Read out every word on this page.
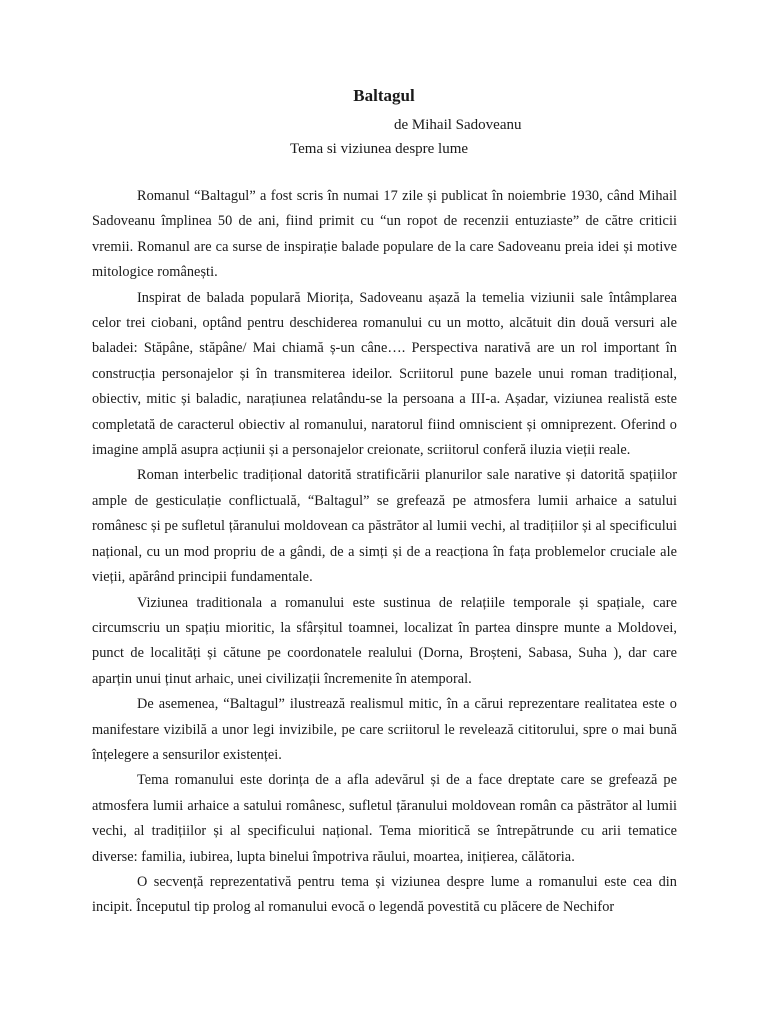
Baltagul
de Mihail Sadoveanu
Tema si viziunea despre lume

Romanul “Baltagul” a fost scris în numai 17 zile și publicat în noiembrie 1930, când Mihail Sadoveanu împlinea 50 de ani, fiind primit cu “un ropot de recenzii entuziaste” de către criticii vremii. Romanul are ca surse de inspirație balade populare de la care Sadoveanu preia idei și motive mitologice românești.

Inspirat de balada populară Miorița, Sadoveanu așază la temelia viziunii sale întâmplarea celor trei ciobani, optând pentru deschiderea romanului cu un motto, alcătuit din două versuri ale baladei: Stăpâne, stăpâne/ Mai chiamă ș-un câne…. Perspectiva narativă are un rol important în construcția personajelor și în transmiterea ideilor. Scriitorul pune bazele unui roman tradițional, obiectiv, mitic și baladic, narațiunea relatându-se la persoana a III-a. Așadar, viziunea realistă este completată de caracterul obiectiv al romanului, naratorul fiind omniscient și omniprezent. Oferind o imagine amplă asupra acțiunii și a personajelor creionate, scriitorul conferă iluzia vieții reale.

Roman interbelic tradițional datorită stratificării planurilor sale narative și datorită spațiilor ample de gesticulație conflictuală, “Baltagul” se grefează pe atmosfera lumii arhaice a satului românesc și pe sufletul țăranului moldovean ca păstrător al lumii vechi, al tradițiilor și al specificului național, cu un mod propriu de a gândi, de a simți și de a reacționa în fața problemelor cruciale ale vieții, apărând principii fundamentale.

Viziunea traditionala a romanului este sustinua de relațiile temporale și spațiale, care circumscriu un spațiu mioritic, la sfârșitul toamnei, localizat în partea dinspre munte a Moldovei, punct de localități și cătune pe coordonatele realului (Dorna, Broșteni, Sabasa, Suha ), dar care aparțin unui ținut arhaic, unei civilizații încremenite în atemporal.

De asemenea, “Baltagul” ilustrează realismul mitic, în a cărui reprezentare realitatea este o manifestare vizibilă a unor legi invizibile, pe care scriitorul le revelează cititorului, spre o mai bună înțelegere a sensurilor existenței.

Tema romanului este dorința de a afla adevărul și de a face dreptate care se grefează pe atmosfera lumii arhaice a satului românesc, sufletul țăranului moldovean român ca păstrător al lumii vechi, al tradițiilor și al specificului național. Tema mioritică se întrepătrunde cu arii tematice diverse: familia, iubirea, lupta binelui împotriva răului, moartea, inițierea, călătoria.

O secvență reprezentativă pentru tema și viziunea despre lume a romanului este cea din incipit. Începutul tip prolog al romanului evocă o legendă povestită cu plăcere de Nechifor
